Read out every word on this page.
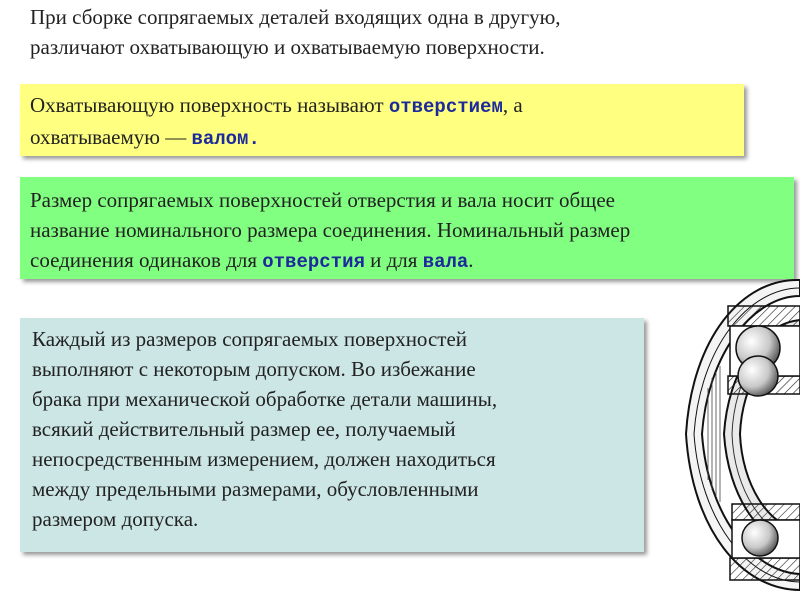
При сборке сопрягаемых деталей входящих одна в другую,
различают охватывающую и охватываемую поверхности.
Охватывающую поверхность называют отверстием, а
охватываемую — валом.
Размер сопрягаемых поверхностей отверстия и вала носит общее
название номинального размера соединения. Номинальный размер
соединения одинаков для отверстия и для вала.
Каждый из размеров сопрягаемых поверхностей
выполняют с некоторым допуском. Во избежание
брака при механической обработке детали машины,
всякий действительный размер ее, получаемый
непосредственным измерением, должен находиться
между предельными размерами, обусловленными
размером допуска.
